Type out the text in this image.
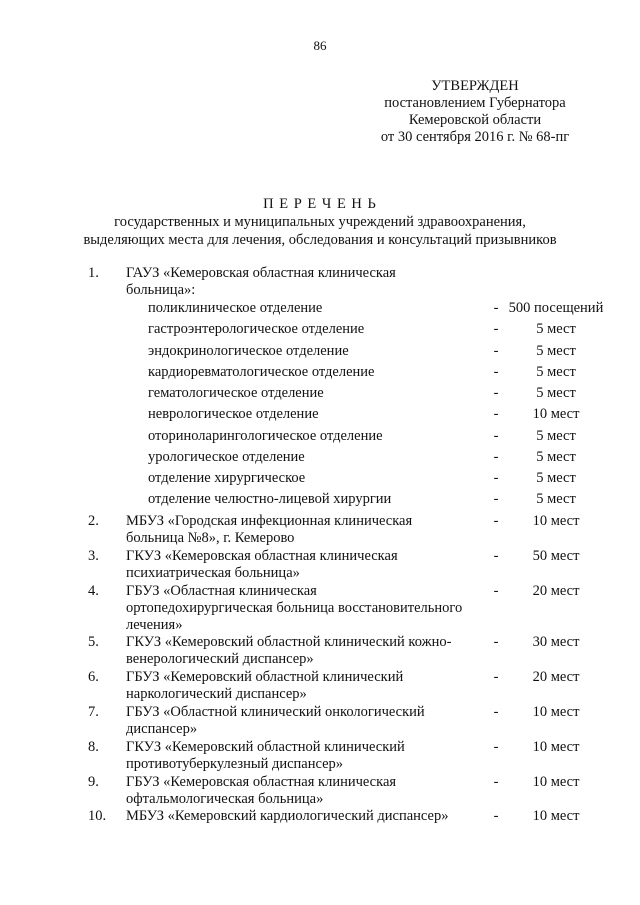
86
УТВЕРЖДЕН
постановлением Губернатора
Кемеровской области
от 30 сентября 2016 г. № 68-пг
П Е Р Е Ч Е Н Ь
государственных и муниципальных учреждений здравоохранения,
выделяющих места для лечения, обследования и консультаций призывников
1.	ГАУЗ «Кемеровская областная клиническая
больница»:
поликлиническое отделение	- 500 посещений
гастроэнтерологическое отделение	-	5 мест
эндокринологическое отделение	-	5 мест
кардиоревматологическое отделение	-	5 мест
гематологическое отделение	-	5 мест
неврологическое отделение	-	10 мест
оториноларингологическое отделение	-	5 мест
урологическое отделение	-	5 мест
отделение хирургическое	-	5 мест
отделение челюстно-лицевой хирургии	-	5 мест
2.	МБУЗ «Городская инфекционная клиническая
больница №8», г. Кемерово
-	10 мест
3.	ГКУЗ «Кемеровская областная клиническая
психиатрическая больница»
-	50 мест
4.	ГБУЗ «Областная клиническая
ортопедохирургическая больница восстановительного
лечения»
-	20 мест
5.	ГКУЗ «Кемеровский областной клинический кожно-
венерологический диспансер»
-	30 мест
6.	ГБУЗ «Кемеровский областной клинический
наркологический диспансер»
-	20 мест
7.	ГБУЗ «Областной клинический онкологический
диспансер»
-	10 мест
8.	ГКУЗ «Кемеровский областной клинический
противотуберкулезный диспансер»
-	10 мест
9.	ГБУЗ «Кемеровская областная клиническая
офтальмологическая больница»
-	10 мест
10. МБУЗ «Кемеровский кардиологический диспансер»	-	10 мест
